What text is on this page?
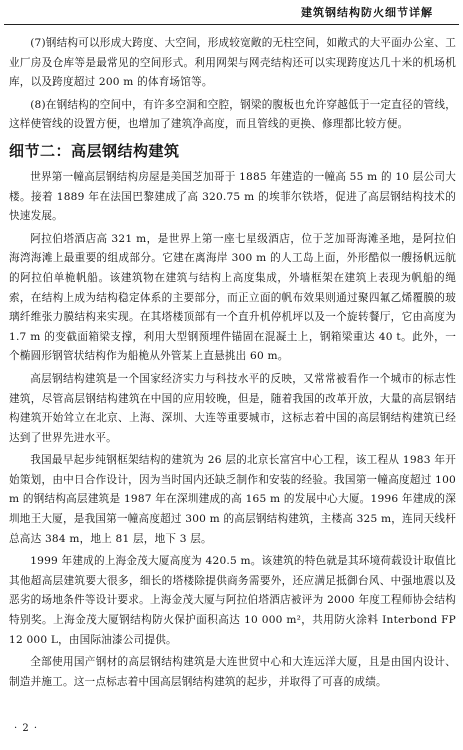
建筑钢结构防火细节详解

(7)钢结构可以形成大跨度、大空间，形成较宽敞的无柱空间，如敞式的大平面办公室、工业厂房及仓库等是最常见的空间形式。利用网架与网壳结构还可以实现跨度达几十米的机场机库，以及跨度超过 200 m 的体育场馆等。

(8)在钢结构的空间中，有许多空洞和空腔，钢梁的腹板也允许穿越低于一定直径的管线，这样使管线的设置方便，也增加了建筑净高度，而且管线的更换、修理都比较方便。

细节二：高层钢结构建筑

世界第一幢高层钢结构房屋是美国芝加哥于 1885 年建造的一幢高 55 m 的 10 层公司大楼。接着 1889 年在法国巴黎建成了高 320.75 m 的埃菲尔铁塔，促进了高层钢结构技术的快速发展。

阿拉伯塔酒店高 321 m，是世界上第一座七星级酒店，位于芝加哥海滩圣地，是阿拉伯海湾海滩上最重要的组成部分。它建在离海岸 300 m 的人工岛上面，外形酷似一艘扬帆远航的阿拉伯单桅帆船。该建筑物在建筑与结构上高度集成，外墙框架在建筑上表现为帆船的绳索，在结构上成为结构稳定体系的主要部分，而正立面的帆布效果则通过聚四氟乙烯覆膜的玻璃纤维张力膜结构来实现。在其塔楼顶部有一个直升机停机坪以及一个旋转餐厅，它由高度为 1.7 m 的变截面箱梁支撑，利用大型钢预埋件锚固在混凝土上，钢箱梁重达 40 t。此外，一个椭圆形钢管状结构作为船桅从外管某上直悬挑出 60 m。

高层钢结构建筑是一个国家经济实力与科技水平的反映，又常常被看作一个城市的标志性建筑，尽管高层钢结构建筑在中国的应用较晚，但是，随着我国的改革开放，大量的高层钢结构建筑开始耸立在北京、上海、深圳、大连等重要城市，这标志着中国的高层钢结构建筑已经达到了世界先进水平。

我国最早起步纯钢框架结构的建筑为 26 层的北京长富宫中心工程，该工程从 1983 年开始策划，由中日合作设计，因为当时国内还缺乏制作和安装的经验。我国第一幢高度超过 100 m 的钢结构高层建筑是 1987 年在深圳建成的高 165 m 的发展中心大厦。1996 年建成的深圳地王大厦，是我国第一幢高度超过 300 m 的高层钢结构建筑，主楼高 325 m，连同天线杆总高达 384 m，地上 81 层，地下 3 层。

1999 年建成的上海金茂大厦高度为 420.5 m。该建筑的特色就是其环境荷载设计取值比其他超高层建筑要大很多，细长的塔楼除提供商务需要外，还应满足抵御台风、中强地震以及恶劣的场地条件等设计要求。上海金茂大厦与阿拉伯塔酒店被评为 2000 年度工程师协会结构特别奖。上海金茂大厦钢结构防火保护面积高达 10 000 m²，共用防火涂料 Interbond FP 12 000 L，由国际油漆公司提供。

全部使用国产钢材的高层钢结构建筑是大连世贸中心和大连远洋大厦，且是由国内设计、制造并施工。这一点标志着中国高层钢结构建筑的起步，并取得了可喜的成绩。

· 2 ·
